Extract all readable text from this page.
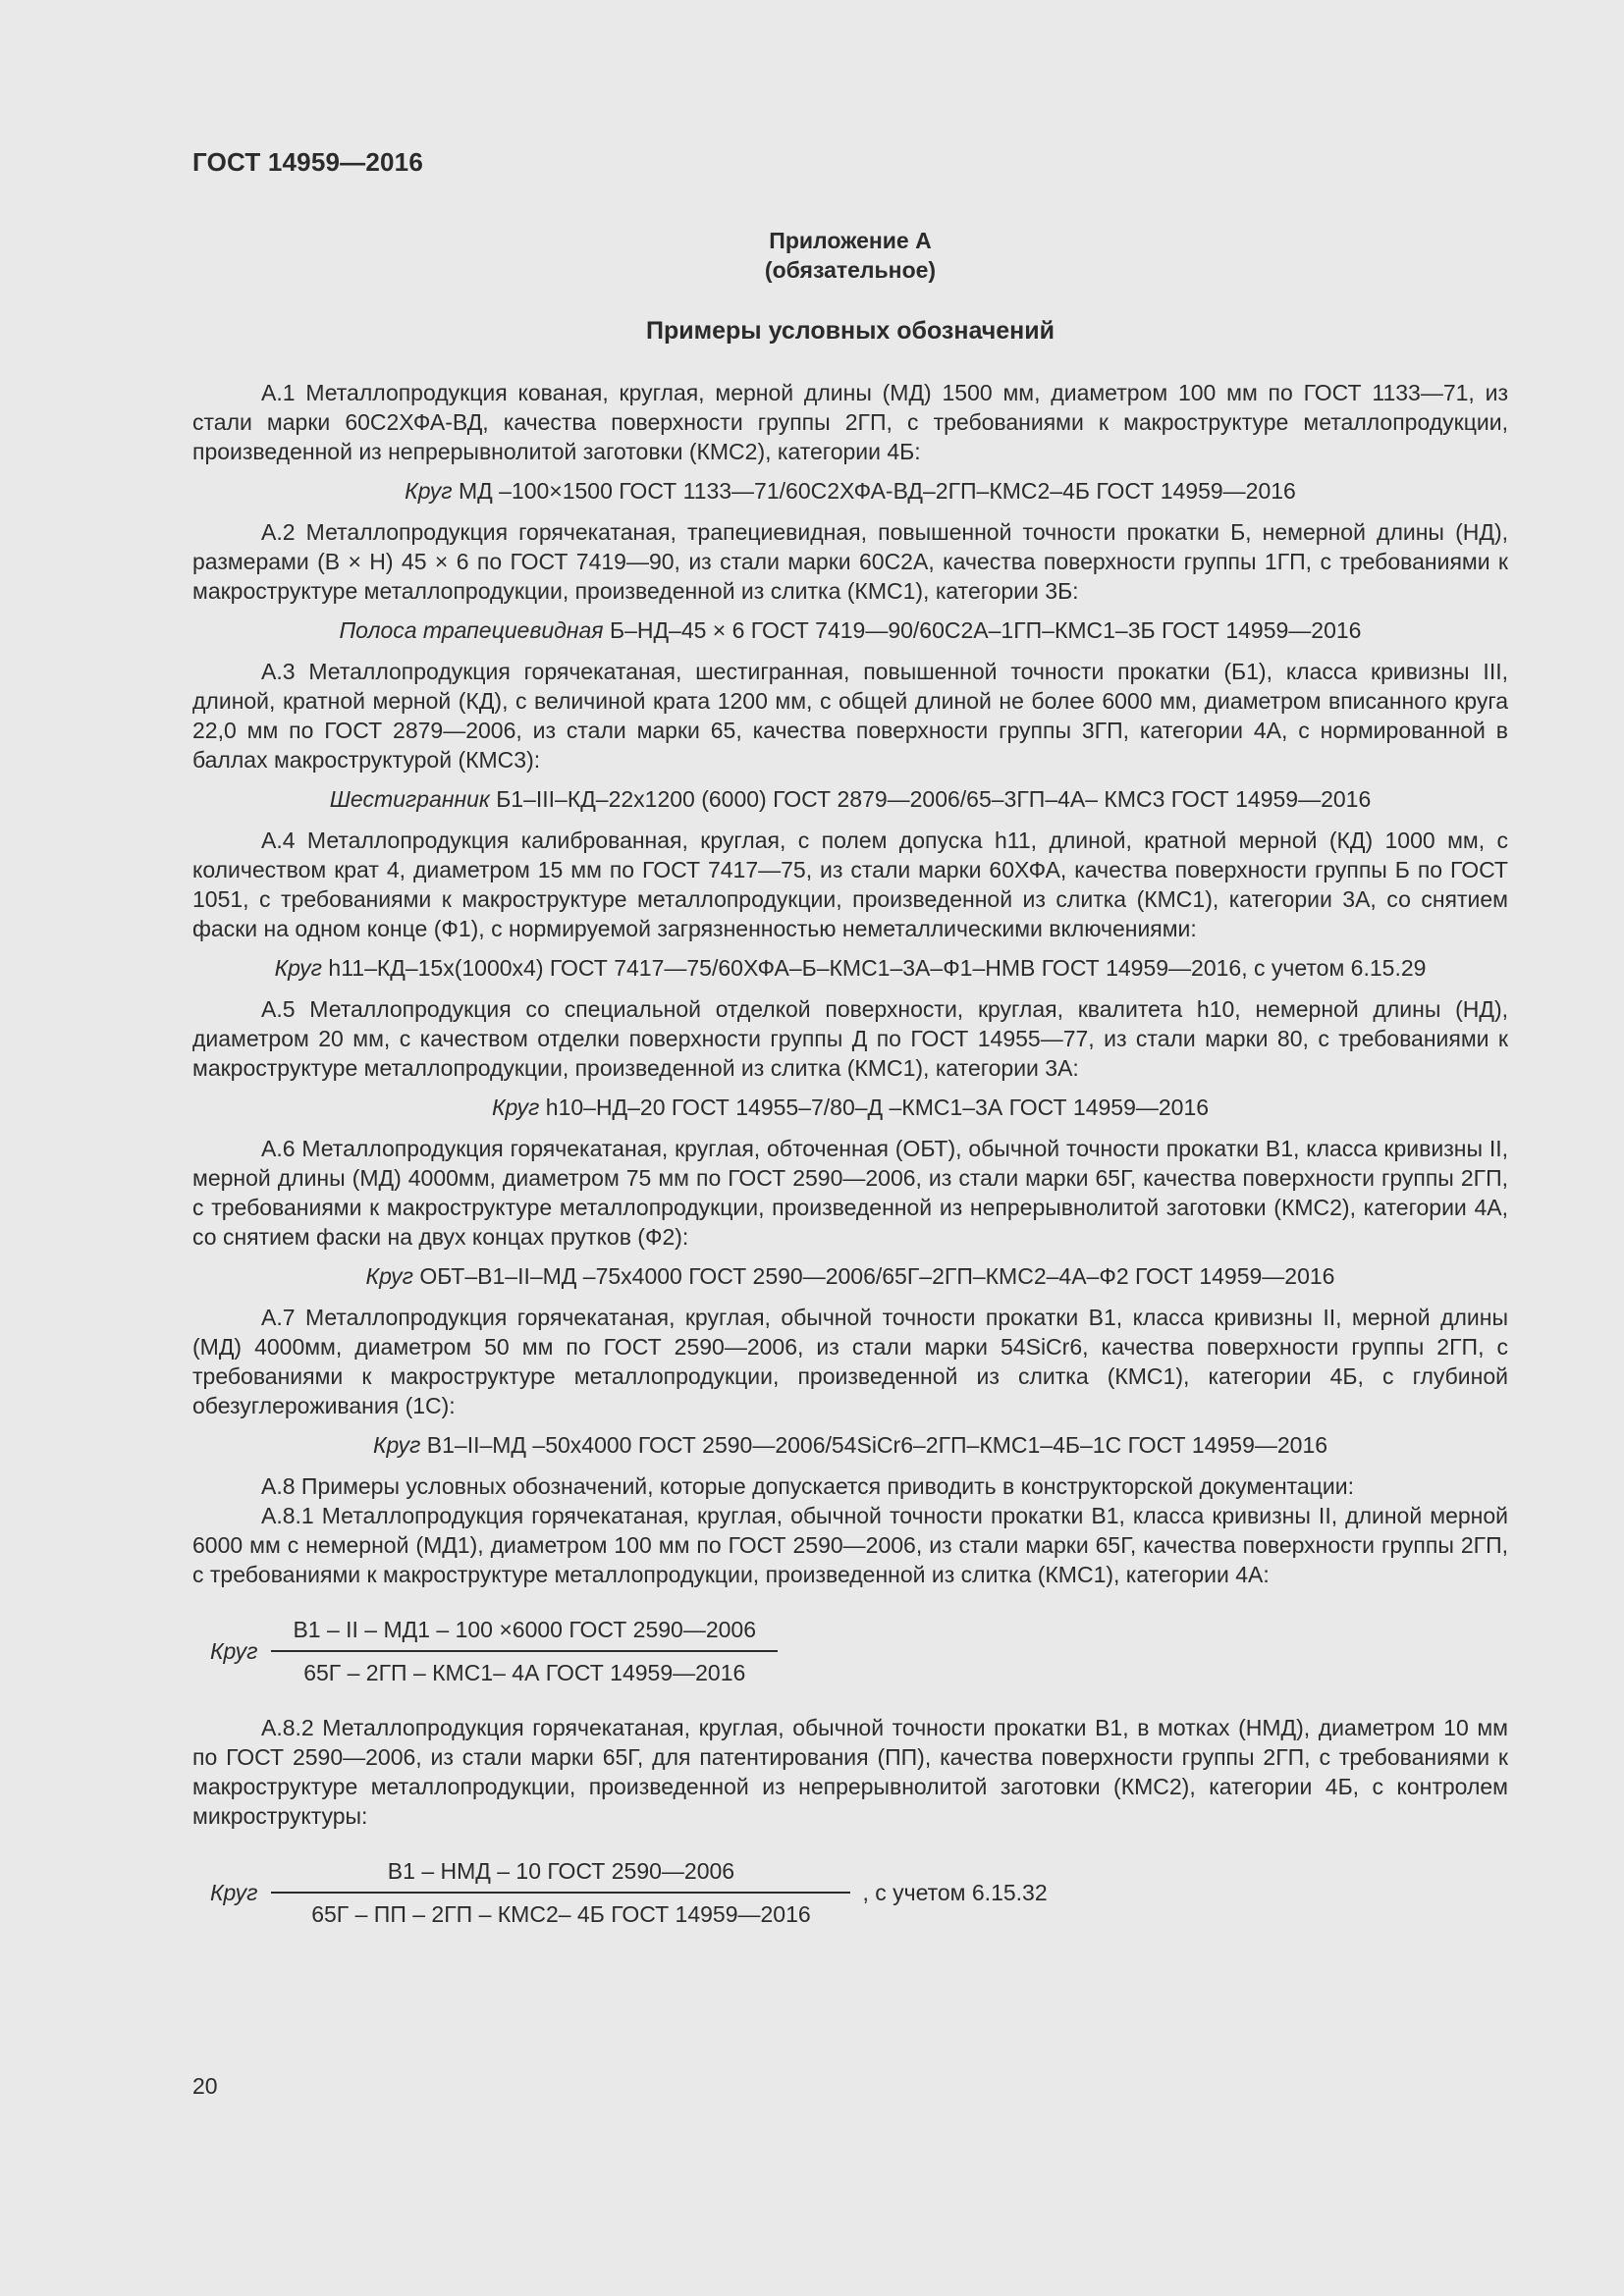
ГОСТ 14959—2016
Приложение А
(обязательное)
Примеры условных обозначений

А.1 Металлопродукция кованая, круглая, мерной длины (МД) 1500 мм, диаметром 100 мм по ГОСТ 1133—71, из стали марки 60С2ХФА-ВД, качества поверхности группы 2ГП, с требованиями к макроструктуре металлопродукции, произведенной из непрерывнолитой заготовки (КМС2), категории 4Б:

Круг МД –100×1500 ГОСТ 1133—71/60С2ХФА-ВД–2ГП–КМС2–4Б ГОСТ 14959—2016

А.2 Металлопродукция горячекатаная, трапециевидная, повышенной точности прокатки Б, немерной длины (НД), размерами (В × Н) 45 × 6 по ГОСТ 7419—90, из стали марки 60С2А, качества поверхности группы 1ГП, с требованиями к макроструктуре металлопродукции, произведенной из слитка (КМС1), категории 3Б:

Полоса трапециевидная Б–НД–45 × 6 ГОСТ 7419—90/60С2А–1ГП–КМС1–3Б ГОСТ 14959—2016

А.3 Металлопродукция горячекатаная, шестигранная, повышенной точности прокатки (Б1), класса кривизны III, длиной, кратной мерной (КД), с величиной крата 1200 мм, с общей длиной не более 6000 мм, диаметром вписанного круга 22,0 мм по ГОСТ 2879—2006, из стали марки 65, качества поверхности группы 3ГП, категории 4А, с нормированной в баллах макроструктурой (КМС3):

Шестигранник Б1–III–КД–22х1200 (6000) ГОСТ 2879—2006/65–3ГП–4А– КМС3 ГОСТ 14959—2016

А.4 Металлопродукция калиброванная, круглая, с полем допуска h11, длиной, кратной мерной (КД) 1000 мм, с количеством крат 4, диаметром 15 мм по ГОСТ 7417—75, из стали марки 60ХФА, качества поверхности группы Б по ГОСТ 1051, с требованиями к макроструктуре металлопродукции, произведенной из слитка (КМС1), категории 3А, со снятием фаски на одном конце (Ф1), с нормируемой загрязненностью неметаллическими включениями:

Круг h11–КД–15х(1000х4) ГОСТ 7417—75/60ХФА–Б–КМС1–3А–Ф1–НМВ ГОСТ 14959—2016, с учетом 6.15.29

А.5 Металлопродукция со специальной отделкой поверхности, круглая, квалитета h10, немерной длины (НД), диаметром 20 мм, с качеством отделки поверхности группы Д по ГОСТ 14955—77, из стали марки 80, с требованиями к макроструктуре металлопродукции, произведенной из слитка (КМС1), категории 3А:

Круг h10–НД–20 ГОСТ 14955–7/80–Д –КМС1–3А ГОСТ 14959—2016

А.6 Металлопродукция горячекатаная, круглая, обточенная (ОБТ), обычной точности прокатки В1, класса кривизны II, мерной длины (МД) 4000мм, диаметром 75 мм по ГОСТ 2590—2006, из стали марки 65Г, качества поверхности группы 2ГП, с требованиями к макроструктуре металлопродукции, произведенной из непрерывнолитой заготовки (КМС2), категории 4А, со снятием фаски на двух концах прутков (Ф2):

Круг ОБТ–В1–II–МД –75х4000 ГОСТ 2590—2006/65Г–2ГП–КМС2–4А–Ф2 ГОСТ 14959—2016

А.7 Металлопродукция горячекатаная, круглая, обычной точности прокатки В1, класса кривизны II, мерной длины (МД) 4000мм, диаметром 50 мм по ГОСТ 2590—2006, из стали марки 54SiCr6, качества поверхности группы 2ГП, с требованиями к макроструктуре металлопродукции, произведенной из слитка (КМС1), категории 4Б, с глубиной обезуглероживания (1С):

Круг В1–II–МД –50х4000 ГОСТ 2590—2006/54SiCr6–2ГП–КМС1–4Б–1С ГОСТ 14959—2016

А.8 Примеры условных обозначений, которые допускается приводить в конструкторской документации:

А.8.1 Металлопродукция горячекатаная, круглая, обычной точности прокатки В1, класса кривизны II, длиной мерной 6000 мм с немерной (МД1), диаметром 100 мм по ГОСТ 2590—2006, из стали марки 65Г, качества поверхности группы 2ГП, с требованиями к макроструктуре металлопродукции, произведенной из слитка (КМС1), категории 4А:

Круг $\frac{\text{В1 – II – МД1 – 100 ×6000 ГОСТ 2590—2006}}{\text{65Г – 2ГП – КМС1– 4А ГОСТ 14959—2016}}$

А.8.2 Металлопродукция горячекатаная, круглая, обычной точности прокатки В1, в мотках (НМД), диаметром 10 мм по ГОСТ 2590—2006, из стали марки 65Г, для патентирования (ПП), качества поверхности группы 2ГП, с требованиями к макроструктуре металлопродукции, произведенной из непрерывнолитой заготовки (КМС2), категории 4Б, с контролем микроструктуры:

Круг $\frac{\text{В1 – НМД – 10 ГОСТ 2590—2006}}{\text{65Г – ПП – 2ГП – КМС2– 4Б ГОСТ 14959—2016}}$ , с учетом 6.15.32
20
